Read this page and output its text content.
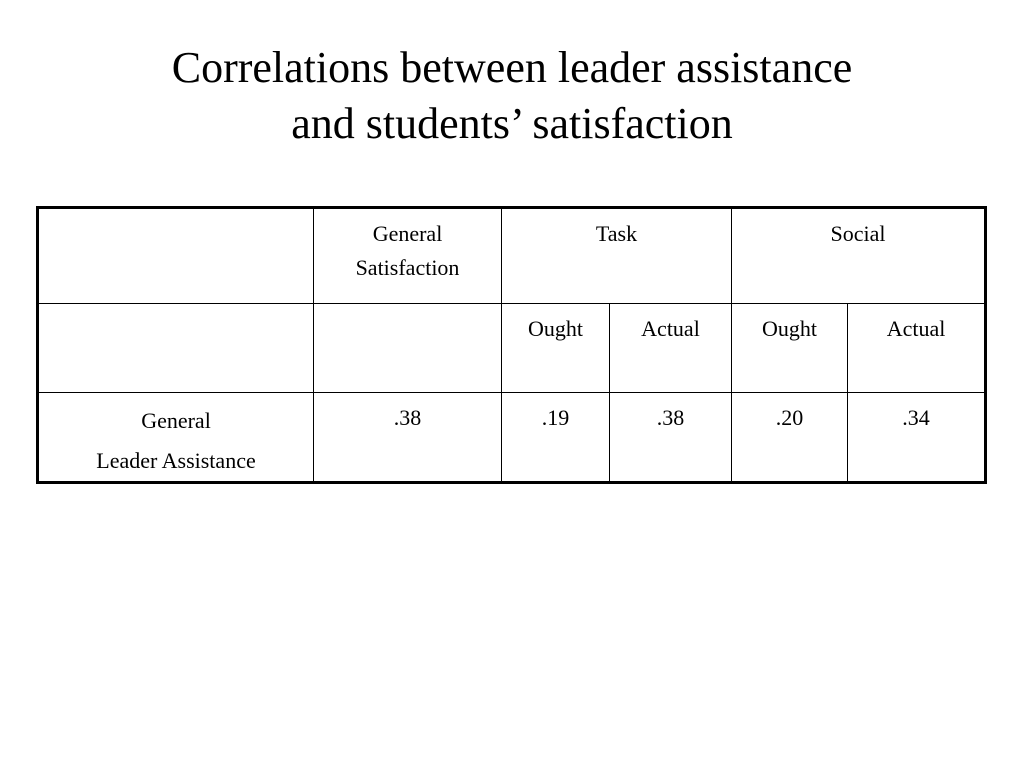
Correlations between leader assistance
and students’ satisfaction

	General
Satisfaction	Task		Social	
		Ought	Actual	Ought	Actual

General
Leader Assistance	.38	.19	.38	.20	.34
